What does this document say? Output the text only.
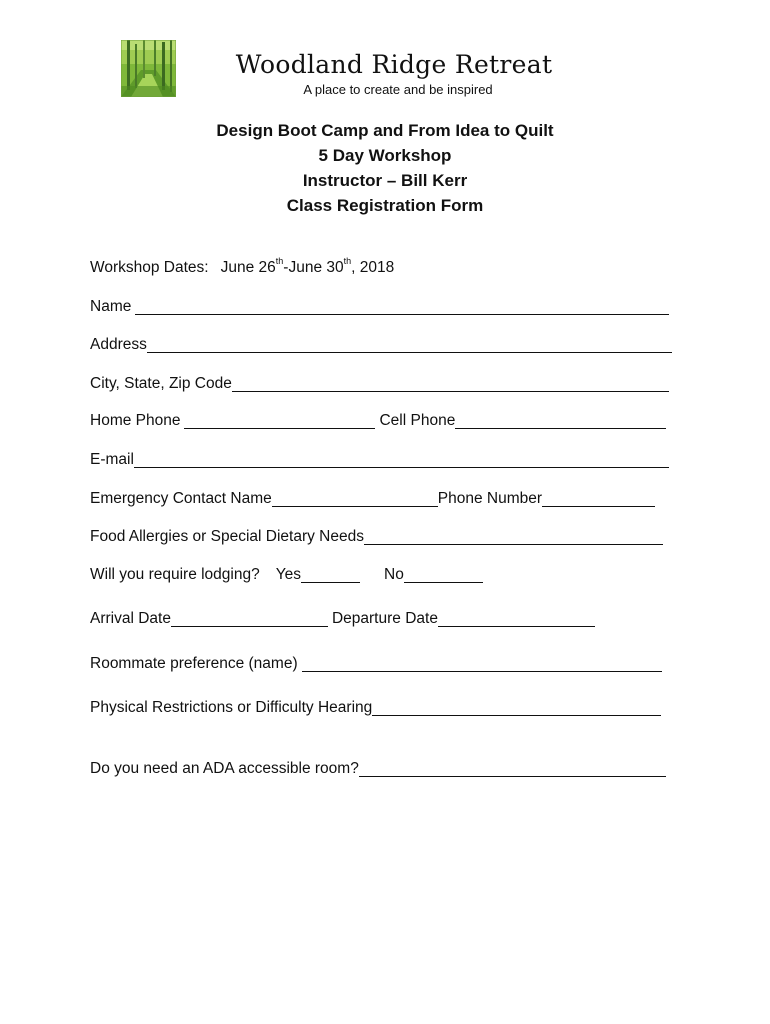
Woodland Ridge Retreat
A place to create and be inspired
Design Boot Camp and From Idea to Quilt
5 Day Workshop
Instructor – Bill Kerr
Class Registration Form
Workshop Dates: June 26th-June 30th, 2018
Name
Address
City, State, Zip Code
Home Phone	Cell Phone
E-mail
Emergency Contact Name	Phone Number
Food Allergies or Special Dietary Needs
Will you require lodging? Yes	No
Arrival Date	Departure Date
Roommate preference (name)
Physical Restrictions or Difficulty Hearing
Do you need an ADA accessible room?
